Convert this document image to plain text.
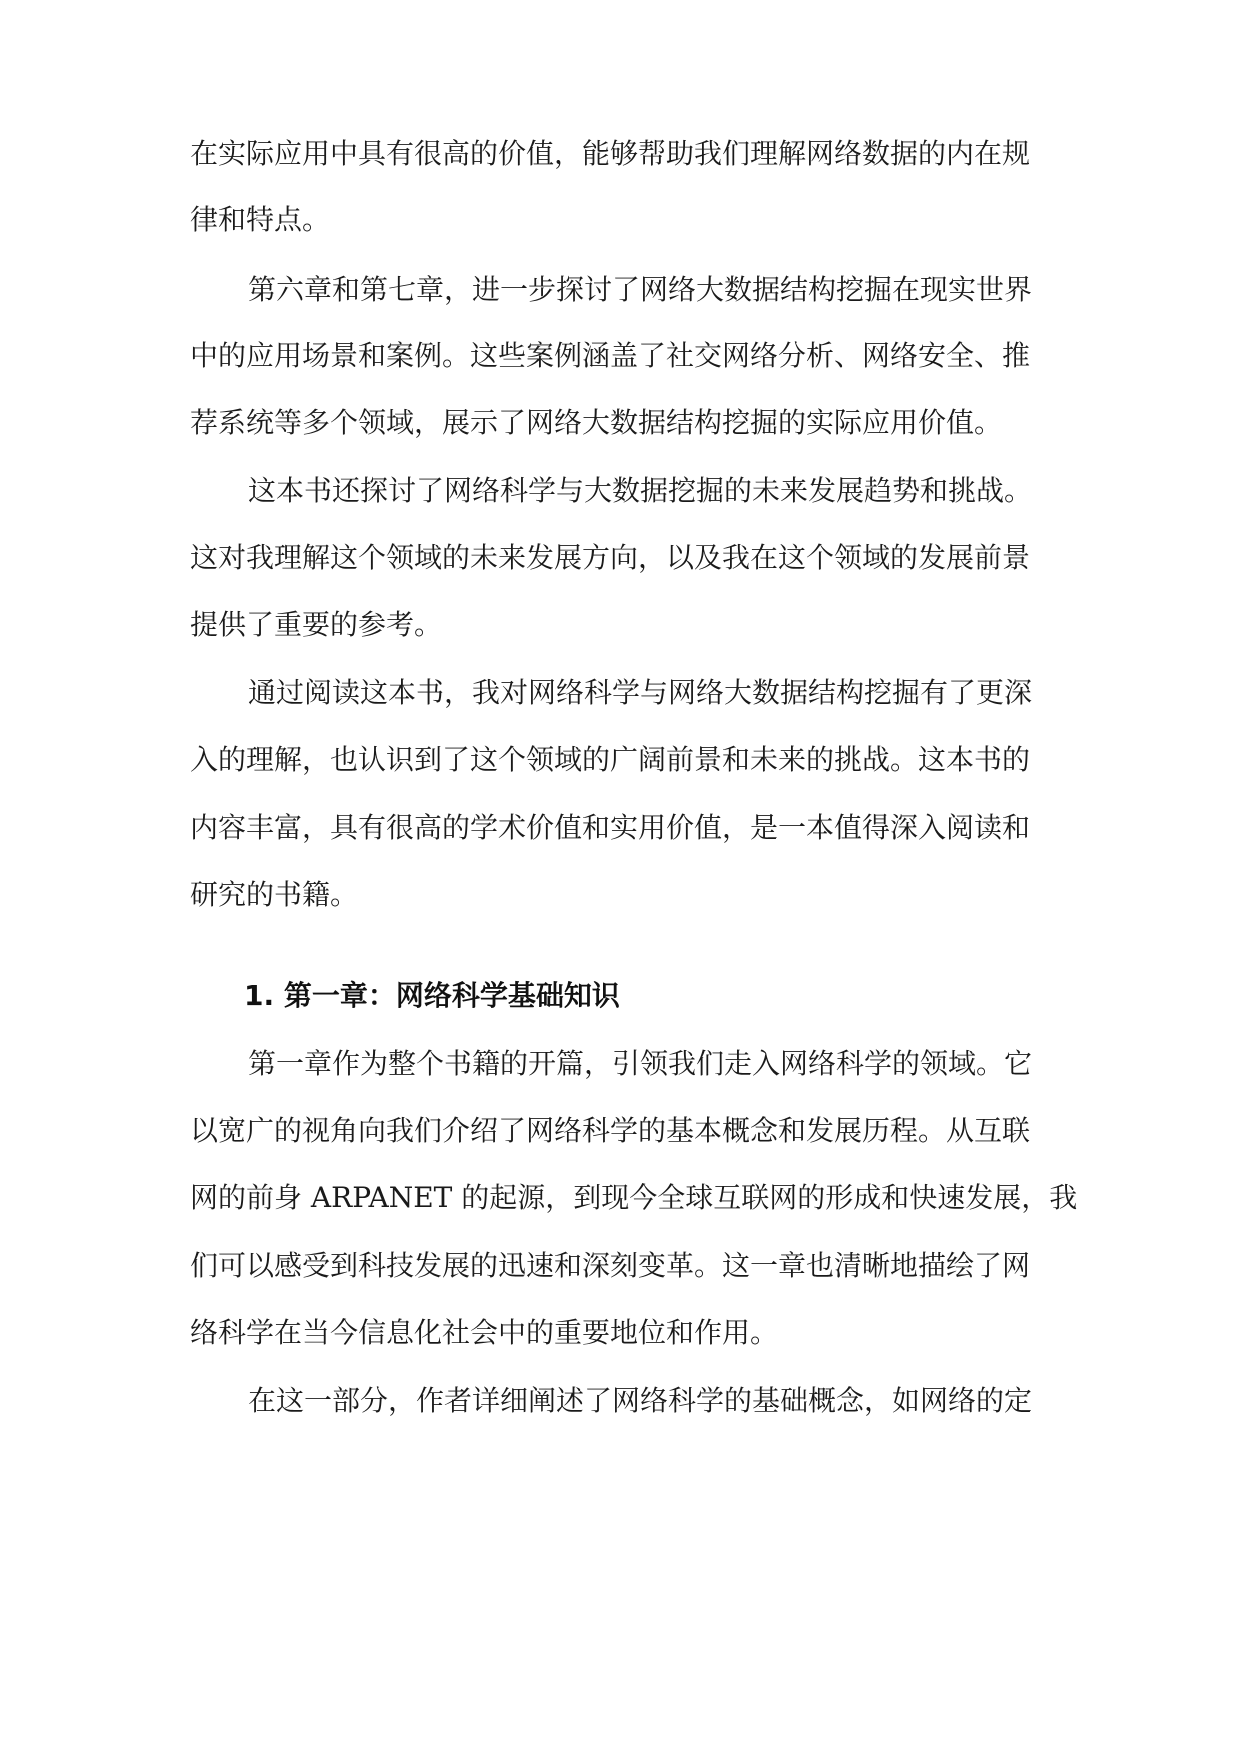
在实际应用中具有很高的价值，能够帮助我们理解网络数据的内在规

律和特点。

第六章和第七章，进一步探讨了网络大数据结构挖掘在现实世界

中的应用场景和案例。这些案例涵盖了社交网络分析、网络安全、推

荐系统等多个领域，展示了网络大数据结构挖掘的实际应用价值。

这本书还探讨了网络科学与大数据挖掘的未来发展趋势和挑战。

这对我理解这个领域的未来发展方向，以及我在这个领域的发展前景

提供了重要的参考。

通过阅读这本书，我对网络科学与网络大数据结构挖掘有了更深

入的理解，也认识到了这个领域的广阔前景和未来的挑战。这本书的

内容丰富，具有很高的学术价值和实用价值，是一本值得深入阅读和

研究的书籍。

1. 第一章：网络科学基础知识

第一章作为整个书籍的开篇，引领我们走入网络科学的领域。它

以宽广的视角向我们介绍了网络科学的基本概念和发展历程。从互联

网的前身 ARPANET 的起源，到现今全球互联网的形成和快速发展，我

们可以感受到科技发展的迅速和深刻变革。这一章也清晰地描绘了网

络科学在当今信息化社会中的重要地位和作用。

在这一部分，作者详细阐述了网络科学的基础概念，如网络的定
